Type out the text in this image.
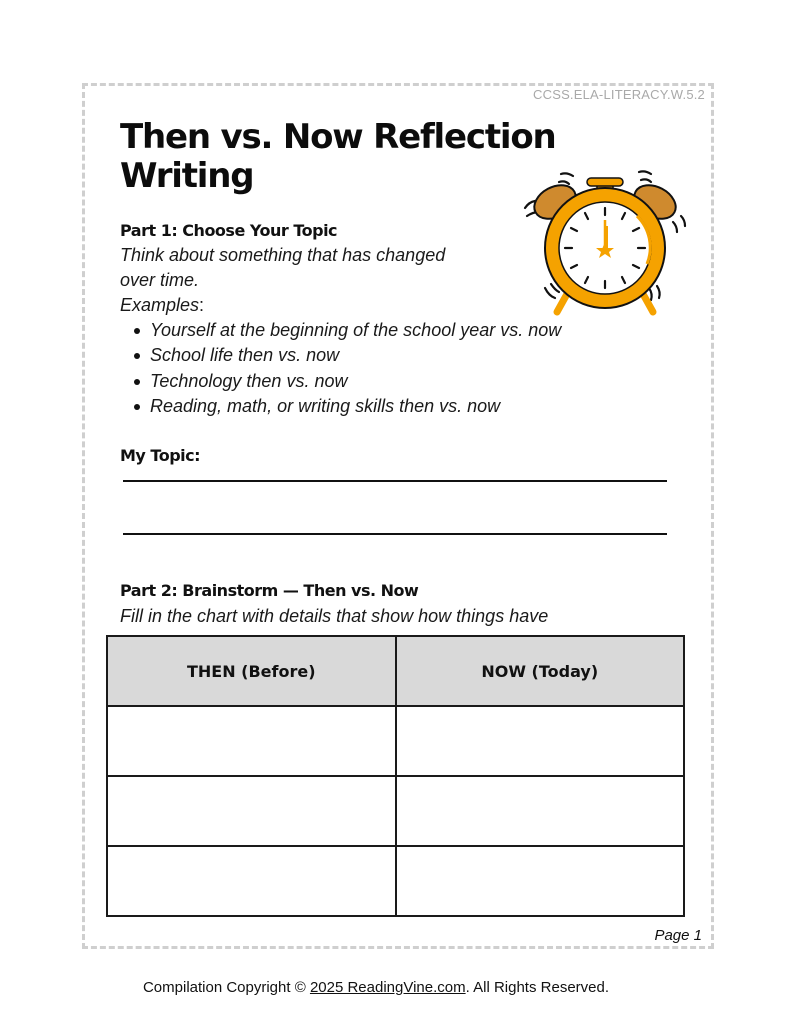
CCSS.ELA-LITERACY.W.5.2
Then vs. Now Reflection
Writing
Part 1: Choose Your Topic

Think about something that has changed

over time.

Examples:

Yourself at the beginning of the school year vs. now
School life then vs. now
Technology then vs. now
Reading, math, or writing skills then vs. now
My Topic:
Part 2: Brainstorm — Then vs. Now

Fill in the chart with details that show how things have

THEN (Before)	NOW (Today)

Page 1
Compilation Copyright © 2025 ReadingVine.com. All Rights Reserved.
